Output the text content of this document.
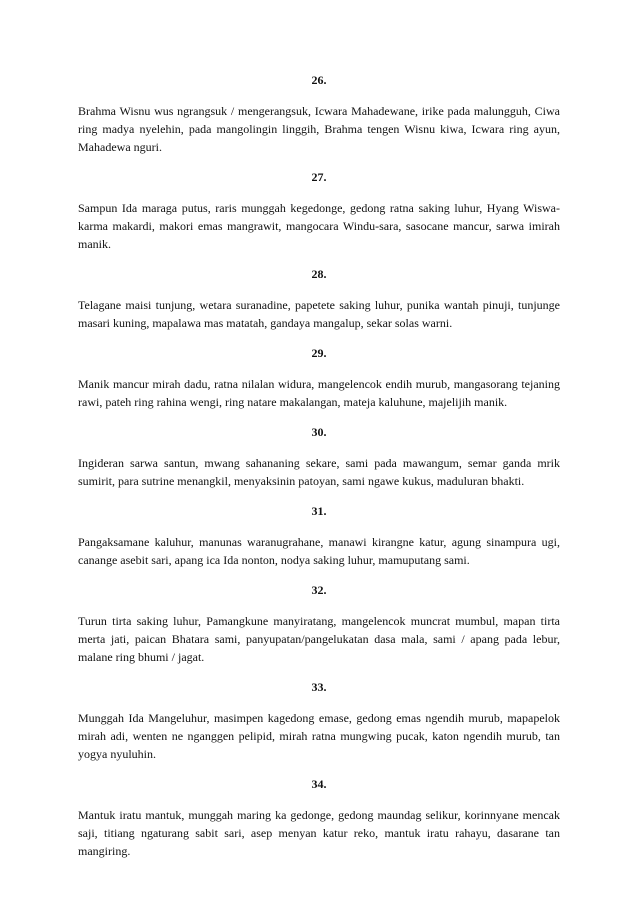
26.

Brahma Wisnu wus ngrangsuk / mengerangsuk, Icwara Mahadewane, irike pada malungguh, Ciwa ring madya nyelehin, pada mangolingin linggih, Brahma tengen Wisnu kiwa, Icwara ring ayun, Mahadewa nguri.

27.

Sampun Ida maraga putus, raris munggah kegedonge, gedong ratna saking luhur, Hyang Wiswa-karma makardi, makori emas mangrawit, mangocara Windu-sara, sasocane mancur, sarwa imirah manik.

28.

Telagane maisi tunjung, wetara suranadine, papetete saking luhur, punika wantah pinuji, tunjunge masari kuning, mapalawa mas matatah, gandaya mangalup, sekar solas warni.

29.

Manik mancur mirah dadu, ratna nilalan widura, mangelencok endih murub, mangasorang tejaning rawi, pateh ring rahina wengi, ring natare makalangan, mateja kaluhune, majelijih manik.

30.

Ingideran sarwa santun, mwang sahananing sekare, sami pada mawangum, semar ganda mrik sumirit, para sutrine menangkil, menyaksinin patoyan, sami ngawe kukus, maduluran bhakti.

31.

Pangaksamane kaluhur, manunas waranugrahane, manawi kirangne katur, agung sinampura ugi, canange asebit sari, apang ica Ida nonton, nodya saking luhur, mamuputang sami.

32.

Turun tirta saking luhur, Pamangkune manyiratang, mangelencok muncrat mumbul, mapan tirta merta jati, paican Bhatara sami, panyupatan/pangelukatan dasa mala, sami / apang pada lebur, malane ring bhumi / jagat.

33.

Munggah Ida Mangeluhur, masimpen kagedong emase, gedong emas ngendih murub, mapapelok mirah adi, wenten ne nganggen pelipid, mirah ratna mungwing pucak, katon ngendih murub, tan yogya nyuluhin.

34.

Mantuk iratu mantuk, munggah maring ka gedonge, gedong maundag selikur, korinnyane mencak saji, titiang ngaturang sabit sari, asep menyan katur reko, mantuk iratu rahayu, dasarane tan mangiring.
